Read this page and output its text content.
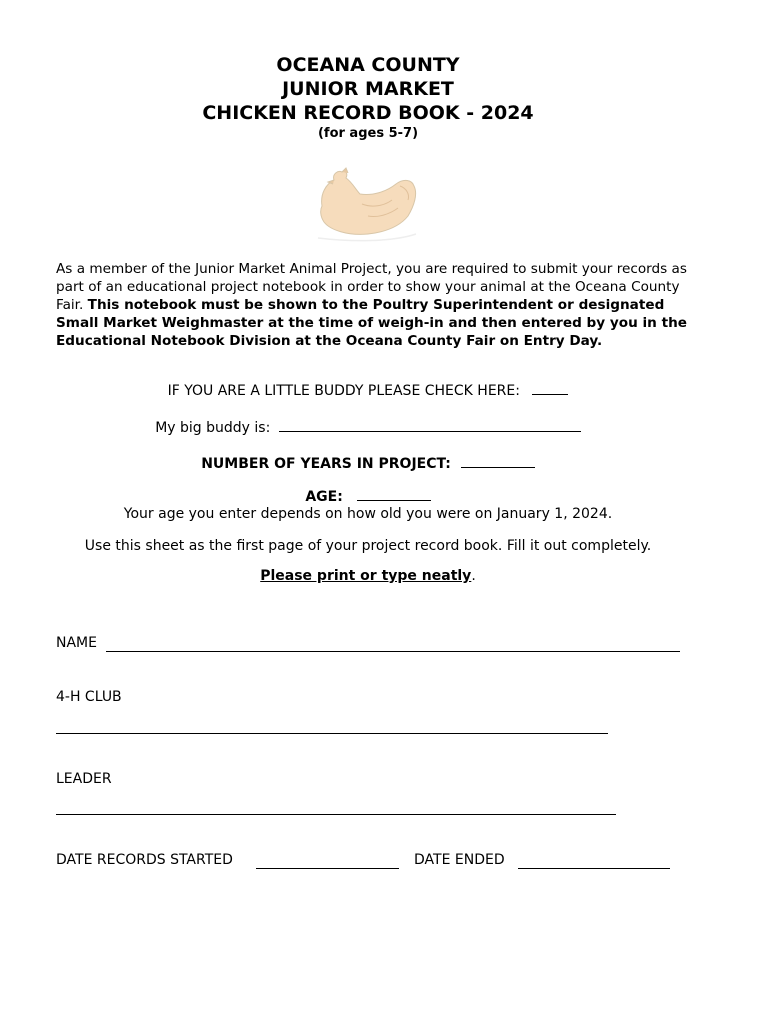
OCEANA COUNTY
JUNIOR MARKET
CHICKEN RECORD BOOK - 2024
(for ages 5-7)
As a member of the Junior Market Animal Project, you are required to submit your records as part of an educational project notebook in order to show your animal at the Oceana County Fair. This notebook must be shown to the Poultry Superintendent or designated Small Market Weighmaster at the time of weigh-in and then entered by you in the Educational Notebook Division at the Oceana County Fair on Entry Day.
IF YOU ARE A LITTLE BUDDY PLEASE CHECK HERE:
My big buddy is:
NUMBER OF YEARS IN PROJECT:
AGE:
Your age you enter depends on how old you were on January 1, 2024.
Use this sheet as the first page of your project record book. Fill it out completely.
Please print or type neatly.
NAME
4-H CLUB
LEADER
DATE RECORDS STARTED	DATE ENDED
